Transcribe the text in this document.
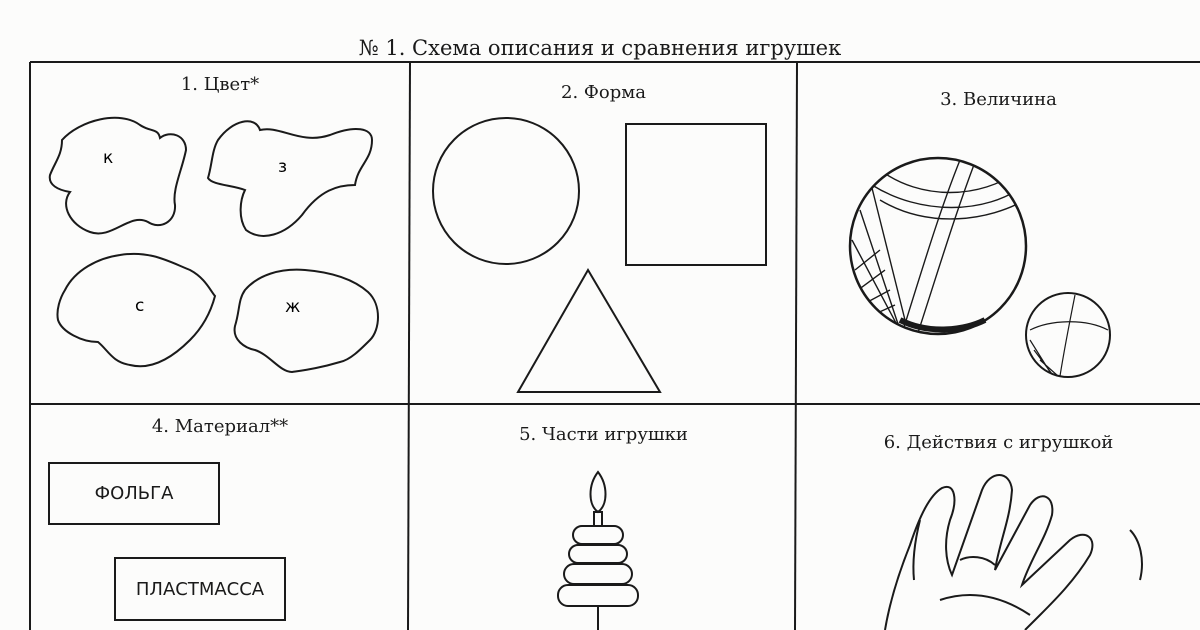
№ 1. Схема описания и сравнения игрушек
1. Цвет*
к	з
с	ж
2. Форма	3. Величина
4. Материал**
ФОЛЬГА
ПЛАСТМАССА
5. Части игрушки	6. Действия с игрушкой
